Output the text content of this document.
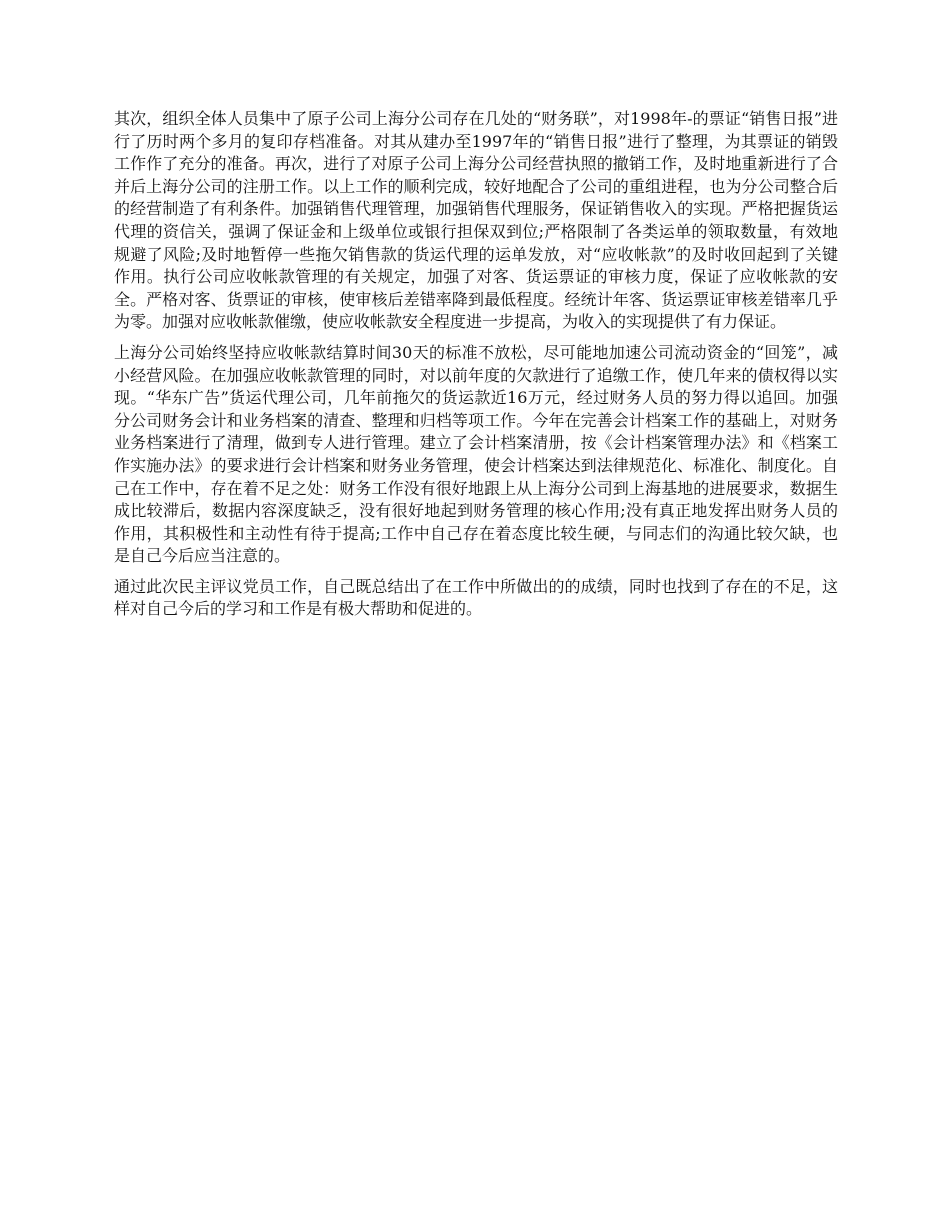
其次，组织全体人员集中了原子公司上海分公司存在几处的“财务联”，对1998年-的票证“销售日报”进行了历时两个多月的复印存档准备。对其从建办至1997年的“销售日报”进行了整理，为其票证的销毁工作作了充分的准备。再次，进行了对原子公司上海分公司经营执照的撤销工作，及时地重新进行了合并后上海分公司的注册工作。以上工作的顺利完成，较好地配合了公司的重组进程，也为分公司整合后的经营制造了有利条件。加强销售代理管理，加强销售代理服务，保证销售收入的实现。严格把握货运代理的资信关，强调了保证金和上级单位或银行担保双到位;严格限制了各类运单的领取数量，有效地规避了风险;及时地暂停一些拖欠销售款的货运代理的运单发放，对“应收帐款”的及时收回起到了关键作用。执行公司应收帐款管理的有关规定，加强了对客、货运票证的审核力度，保证了应收帐款的安全。严格对客、货票证的审核，使审核后差错率降到最低程度。经统计年客、货运票证审核差错率几乎为零。加强对应收帐款催缴，使应收帐款安全程度进一步提高，为收入的实现提供了有力保证。

上海分公司始终坚持应收帐款结算时间30天的标准不放松，尽可能地加速公司流动资金的“回笼”，减小经营风险。在加强应收帐款管理的同时，对以前年度的欠款进行了追缴工作，使几年来的债权得以实现。“华东广告”货运代理公司，几年前拖欠的货运款近16万元，经过财务人员的努力得以追回。加强分公司财务会计和业务档案的清查、整理和归档等项工作。今年在完善会计档案工作的基础上，对财务业务档案进行了清理，做到专人进行管理。建立了会计档案清册，按《会计档案管理办法》和《档案工作实施办法》的要求进行会计档案和财务业务管理，使会计档案达到法律规范化、标准化、制度化。自己在工作中，存在着不足之处：财务工作没有很好地跟上从上海分公司到上海基地的进展要求，数据生成比较滞后，数据内容深度缺乏，没有很好地起到财务管理的核心作用;没有真正地发挥出财务人员的作用，其积极性和主动性有待于提高;工作中自己存在着态度比较生硬，与同志们的沟通比较欠缺，也是自己今后应当注意的。

通过此次民主评议党员工作，自己既总结出了在工作中所做出的的成绩，同时也找到了存在的不足，这样对自己今后的学习和工作是有极大帮助和促进的。
